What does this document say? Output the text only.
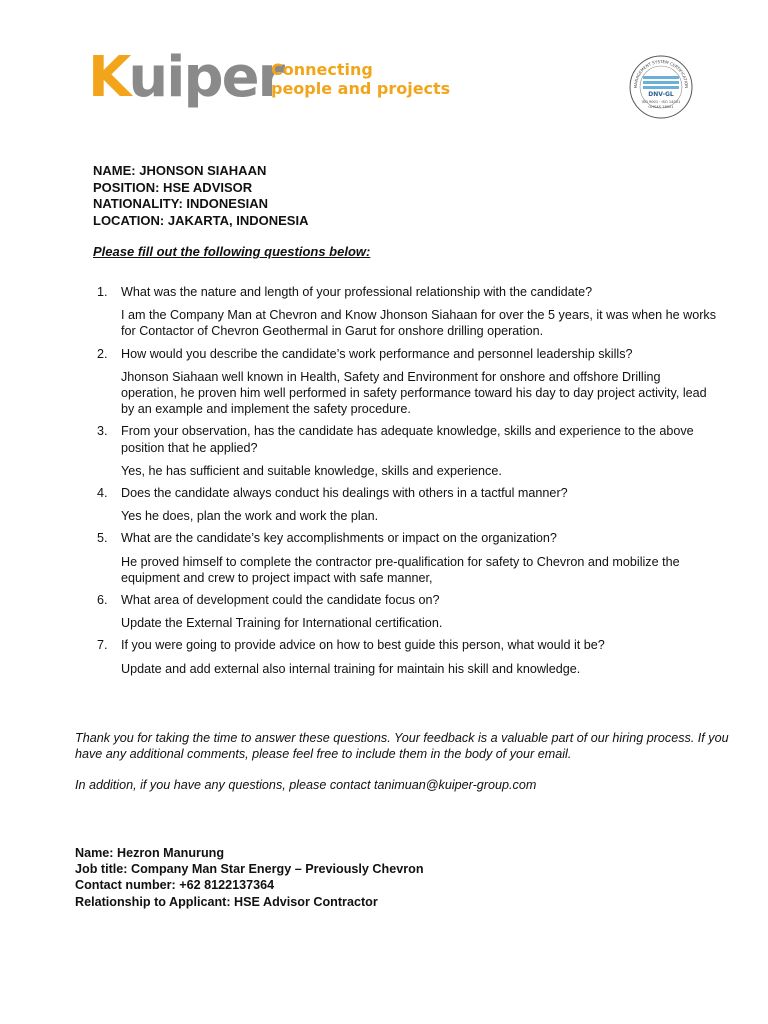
Kuiper
Connecting
people and projects	MANAGEMENT SYSTEM CERTIFICATION
DNV-GL
ISO 9001 · ISO 14001
OHSAS 18001
NAME: JHONSON SIAHAAN
POSITION: HSE ADVISOR
NATIONALITY: INDONESIAN
LOCATION: JAKARTA, INDONESIA
Please fill out the following questions below:
1. What was the nature and length of your professional relationship with the candidate?
I am the Company Man at Chevron and Know Jhonson Siahaan for over the 5 years, it was when he works for Contactor of Chevron Geothermal in Garut for onshore drilling operation.
2. How would you describe the candidate’s work performance and personnel leadership skills?
Jhonson Siahaan well known in Health, Safety and Environment for onshore and offshore Drilling operation, he proven him well performed in safety performance toward his day to day project activity, lead by an example and implement the safety procedure.
3. From your observation, has the candidate has adequate knowledge, skills and experience to the above position that he applied?
Yes, he has sufficient and suitable knowledge, skills and experience.
4. Does the candidate always conduct his dealings with others in a tactful manner?
Yes he does, plan the work and work the plan.
5. What are the candidate’s key accomplishments or impact on the organization?
He proved himself to complete the contractor pre-qualification for safety to Chevron and mobilize the equipment and crew to project impact with safe manner,
6. What area of development could the candidate focus on?
Update the External Training for International certification.
7. If you were going to provide advice on how to best guide this person, what would it be?
Update and add external also internal training for maintain his skill and knowledge.

Thank you for taking the time to answer these questions. Your feedback is a valuable part of our hiring process. If you have any additional comments, please feel free to include them in the body of your email.

In addition, if you have any questions, please contact tanimuan@kuiper-group.com

Name: Hezron Manurung
Job title: Company Man Star Energy – Previously Chevron
Contact number: +62 8122137364
Relationship to Applicant: HSE Advisor Contractor
